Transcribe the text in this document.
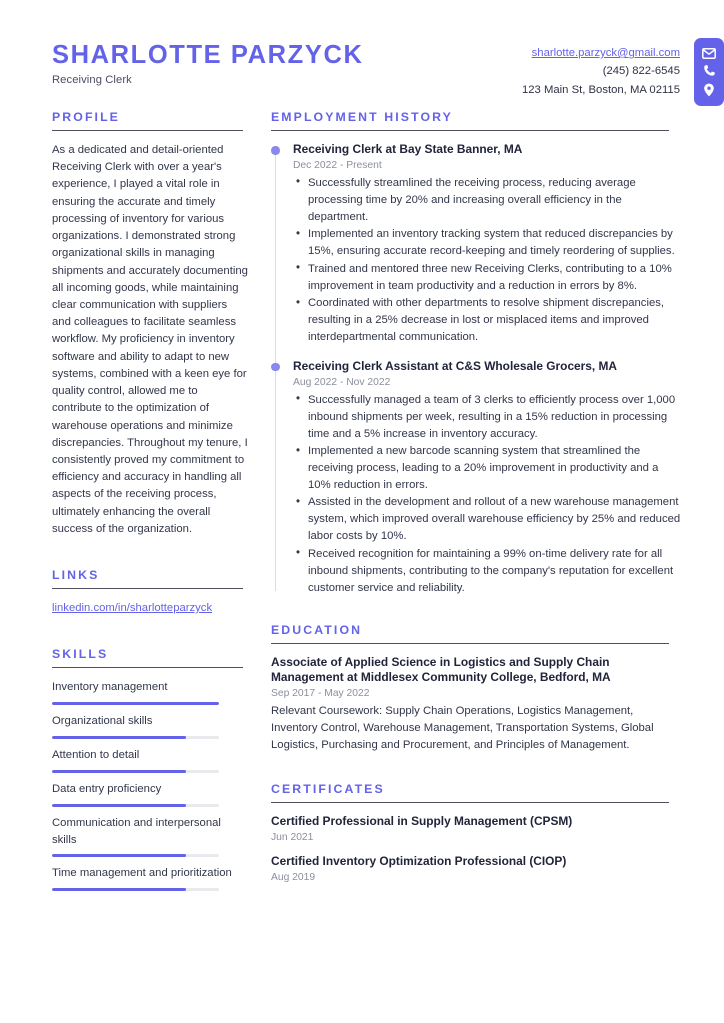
SHARLOTTE PARZYCK
Receiving Clerk
sharlotte.parzyck@gmail.com
(245) 822-6545
123 Main St, Boston, MA 02115
PROFILE
As a dedicated and detail-oriented Receiving Clerk with over a year's experience, I played a vital role in ensuring the accurate and timely processing of inventory for various organizations. I demonstrated strong organizational skills in managing shipments and accurately documenting all incoming goods, while maintaining clear communication with suppliers and colleagues to facilitate seamless workflow. My proficiency in inventory software and ability to adapt to new systems, combined with a keen eye for quality control, allowed me to contribute to the optimization of warehouse operations and minimize discrepancies. Throughout my tenure, I consistently proved my commitment to efficiency and accuracy in handling all aspects of the receiving process, ultimately enhancing the overall success of the organization.
LINKS
linkedin.com/in/sharlotteparzyck
SKILLS
Inventory management
Organizational skills
Attention to detail
Data entry proficiency
Communication and interpersonal skills
Time management and prioritization
EMPLOYMENT HISTORY
Receiving Clerk at Bay State Banner, MA
Dec 2022 - Present
• Successfully streamlined the receiving process, reducing average processing time by 20% and increasing overall efficiency in the department.
• Implemented an inventory tracking system that reduced discrepancies by 15%, ensuring accurate record-keeping and timely reordering of supplies.
• Trained and mentored three new Receiving Clerks, contributing to a 10% improvement in team productivity and a reduction in errors by 8%.
• Coordinated with other departments to resolve shipment discrepancies, resulting in a 25% decrease in lost or misplaced items and improved interdepartmental communication.
Receiving Clerk Assistant at C&S Wholesale Grocers, MA
Aug 2022 - Nov 2022
• Successfully managed a team of 3 clerks to efficiently process over 1,000 inbound shipments per week, resulting in a 15% reduction in processing time and a 5% increase in inventory accuracy.
• Implemented a new barcode scanning system that streamlined the receiving process, leading to a 20% improvement in productivity and a 10% reduction in errors.
• Assisted in the development and rollout of a new warehouse management system, which improved overall warehouse efficiency by 25% and reduced labor costs by 10%.
• Received recognition for maintaining a 99% on-time delivery rate for all inbound shipments, contributing to the company's reputation for excellent customer service and reliability.
EDUCATION
Associate of Applied Science in Logistics and Supply Chain Management at Middlesex Community College, Bedford, MA
Sep 2017 - May 2022
Relevant Coursework: Supply Chain Operations, Logistics Management, Inventory Control, Warehouse Management, Transportation Systems, Global Logistics, Purchasing and Procurement, and Principles of Management.
CERTIFICATES
Certified Professional in Supply Management (CPSM)
Jun 2021
Certified Inventory Optimization Professional (CIOP)
Aug 2019
